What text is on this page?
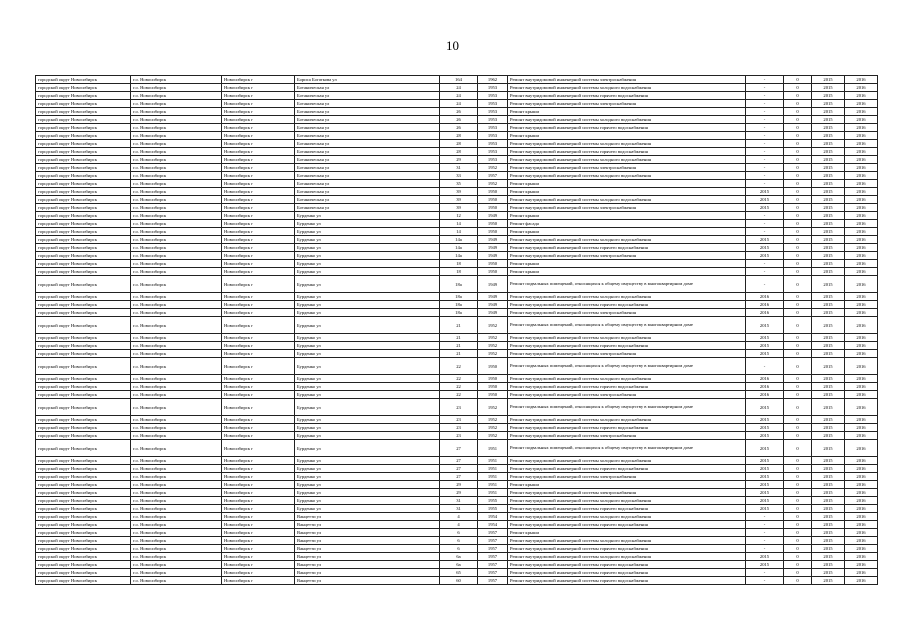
10
городской округ Новосибирск	г.о. Новосибирск	Новосибирск г	Бориса Богаткова ул	164	1962	Ремонт внутридомовой инженерной системы электроснабжения	-	0	2015	2016
городской округ Новосибирск	г.о. Новосибирск	Новосибирск г	Ботаническая ул	24	1953	Ремонт внутридомовой инженерной системы холодного водоснабжения	-	0	2015	2016
городской округ Новосибирск	г.о. Новосибирск	Новосибирск г	Ботаническая ул	24	1953	Ремонт внутридомовой инженерной системы горячего водоснабжения	-	0	2015	2016
городской округ Новосибирск	г.о. Новосибирск	Новосибирск г	Ботаническая ул	24	1953	Ремонт внутридомовой инженерной системы электроснабжения	-	0	2015	2016
городской округ Новосибирск	г.о. Новосибирск	Новосибирск г	Ботаническая ул	26	1953	Ремонт крыши	-	0	2015	2016
городской округ Новосибирск	г.о. Новосибирск	Новосибирск г	Ботаническая ул	26	1953	Ремонт внутридомовой инженерной системы холодного водоснабжения	-	0	2015	2016
городской округ Новосибирск	г.о. Новосибирск	Новосибирск г	Ботаническая ул	26	1953	Ремонт внутридомовой инженерной системы горячего водоснабжения	-	0	2015	2016
городской округ Новосибирск	г.о. Новосибирск	Новосибирск г	Ботаническая ул	28	1953	Ремонт крыши	-	0	2015	2016
городской округ Новосибирск	г.о. Новосибирск	Новосибирск г	Ботаническая ул	28	1953	Ремонт внутридомовой инженерной системы холодного водоснабжения	-	0	2015	2016
городской округ Новосибирск	г.о. Новосибирск	Новосибирск г	Ботаническая ул	28	1953	Ремонт внутридомовой инженерной системы горячего водоснабжения	-	0	2015	2016
городской округ Новосибирск	г.о. Новосибирск	Новосибирск г	Ботаническая ул	29	1953	Ремонт внутридомовой инженерной системы холодного водоснабжения	-	0	2015	2016
городской округ Новосибирск	г.о. Новосибирск	Новосибирск г	Ботаническая ул	31	1952	Ремонт внутридомовой инженерной системы электроснабжения	-	0	2015	2016
городской округ Новосибирск	г.о. Новосибирск	Новосибирск г	Ботаническая ул	33	1957	Ремонт внутридомовой инженерной системы холодного водоснабжения	-	0	2015	2016
городской округ Новосибирск	г.о. Новосибирск	Новосибирск г	Ботаническая ул	35	1952	Ремонт крыши	-	0	2015	2016
городской округ Новосибирск	г.о. Новосибирск	Новосибирск г	Ботаническая ул	39	1950	Ремонт крыши	2015	0	2015	2016
городской округ Новосибирск	г.о. Новосибирск	Новосибирск г	Ботаническая ул	39	1950	Ремонт внутридомовой инженерной системы холодного водоснабжения	2015	0	2015	2016
городской округ Новосибирск	г.о. Новосибирск	Новосибирск г	Ботаническая ул	39	1950	Ремонт внутридомовой инженерной системы электроснабжения	2015	0	2015	2016
городской округ Новосибирск	г.о. Новосибирск	Новосибирск г	Бурденко ул	12	1949	Ремонт крыши	-	0	2015	2016
городской округ Новосибирск	г.о. Новосибирск	Новосибирск г	Бурденко ул	14	1950	Ремонт фасада	-	0	2015	2016
городской округ Новосибирск	г.о. Новосибирск	Новосибирск г	Бурденко ул	14	1950	Ремонт крыши	-	0	2015	2016
городской округ Новосибирск	г.о. Новосибирск	Новосибирск г	Бурденко ул	14а	1949	Ремонт внутридомовой инженерной системы холодного водоснабжения	2015	0	2015	2016
городской округ Новосибирск	г.о. Новосибирск	Новосибирск г	Бурденко ул	14а	1949	Ремонт внутридомовой инженерной системы горячего водоснабжения	2015	0	2015	2016
городской округ Новосибирск	г.о. Новосибирск	Новосибирск г	Бурденко ул	14а	1949	Ремонт внутридомовой инженерной системы электроснабжения	2015	0	2015	2016
городской округ Новосибирск	г.о. Новосибирск	Новосибирск г	Бурденко ул	18	1950	Ремонт крыши	-	0	2015	2016
городской округ Новосибирск	г.о. Новосибирск	Новосибирск г	Бурденко ул	18	1950	Ремонт крыши	-	0	2015	2016
городской округ Новосибирск	г.о. Новосибирск	Новосибирск г	Бурденко ул	18а	1949	Ремонт подвальных помещений, относящихся к общему имуществу в многоквартирном доме	-	0	2015	2016
городской округ Новосибирск	г.о. Новосибирск	Новосибирск г	Бурденко ул	18а	1949	Ремонт внутридомовой инженерной системы холодного водоснабжения	2016	0	2015	2016
городской округ Новосибирск	г.о. Новосибирск	Новосибирск г	Бурденко ул	18а	1949	Ремонт внутридомовой инженерной системы горячего водоснабжения	2016	0	2015	2016
городской округ Новосибирск	г.о. Новосибирск	Новосибирск г	Бурденко ул	18а	1949	Ремонт внутридомовой инженерной системы электроснабжения	2016	0	2015	2016
городской округ Новосибирск	г.о. Новосибирск	Новосибирск г	Бурденко ул	21	1952	Ремонт подвальных помещений, относящихся к общему имуществу в многоквартирном доме	2015	0	2015	2016
городской округ Новосибирск	г.о. Новосибирск	Новосибирск г	Бурденко ул	21	1952	Ремонт внутридомовой инженерной системы холодного водоснабжения	2015	0	2015	2016
городской округ Новосибирск	г.о. Новосибирск	Новосибирск г	Бурденко ул	21	1952	Ремонт внутридомовой инженерной системы горячего водоснабжения	2015	0	2015	2016
городской округ Новосибирск	г.о. Новосибирск	Новосибирск г	Бурденко ул	21	1952	Ремонт внутридомовой инженерной системы электроснабжения	2015	0	2015	2016
городской округ Новосибирск	г.о. Новосибирск	Новосибирск г	Бурденко ул	22	1950	Ремонт подвальных помещений, относящихся к общему имуществу в многоквартирном доме	-	0	2015	2016
городской округ Новосибирск	г.о. Новосибирск	Новосибирск г	Бурденко ул	22	1950	Ремонт внутридомовой инженерной системы холодного водоснабжения	2016	0	2015	2016
городской округ Новосибирск	г.о. Новосибирск	Новосибирск г	Бурденко ул	22	1950	Ремонт внутридомовой инженерной системы горячего водоснабжения	2016	0	2015	2016
городской округ Новосибирск	г.о. Новосибирск	Новосибирск г	Бурденко ул	22	1950	Ремонт внутридомовой инженерной системы электроснабжения	2016	0	2015	2016
городской округ Новосибирск	г.о. Новосибирск	Новосибирск г	Бурденко ул	23	1952	Ремонт подвальных помещений, относящихся к общему имуществу в многоквартирном доме	2015	0	2015	2016
городской округ Новосибирск	г.о. Новосибирск	Новосибирск г	Бурденко ул	23	1952	Ремонт внутридомовой инженерной системы холодного водоснабжения	2015	0	2015	2016
городской округ Новосибирск	г.о. Новосибирск	Новосибирск г	Бурденко ул	23	1952	Ремонт внутридомовой инженерной системы горячего водоснабжения	2015	0	2015	2016
городской округ Новосибирск	г.о. Новосибирск	Новосибирск г	Бурденко ул	23	1952	Ремонт внутридомовой инженерной системы электроснабжения	2015	0	2015	2016
городской округ Новосибирск	г.о. Новосибирск	Новосибирск г	Бурденко ул	27	1951	Ремонт подвальных помещений, относящихся к общему имуществу в многоквартирном доме	2015	0	2015	2016
городской округ Новосибирск	г.о. Новосибирск	Новосибирск г	Бурденко ул	27	1951	Ремонт внутридомовой инженерной системы холодного водоснабжения	2015	0	2015	2016
городской округ Новосибирск	г.о. Новосибирск	Новосибирск г	Бурденко ул	27	1951	Ремонт внутридомовой инженерной системы горячего водоснабжения	2015	0	2015	2016
городской округ Новосибирск	г.о. Новосибирск	Новосибирск г	Бурденко ул	27	1951	Ремонт внутридомовой инженерной системы электроснабжения	2015	0	2015	2016
городской округ Новосибирск	г.о. Новосибирск	Новосибирск г	Бурденко ул	29	1951	Ремонт крыши	2015	0	2015	2016
городской округ Новосибирск	г.о. Новосибирск	Новосибирск г	Бурденко ул	29	1951	Ремонт внутридомовой инженерной системы электроснабжения	2015	0	2015	2016
городской округ Новосибирск	г.о. Новосибирск	Новосибирск г	Бурденко ул	31	1955	Ремонт внутридомовой инженерной системы холодного водоснабжения	2015	0	2015	2016
городской округ Новосибирск	г.о. Новосибирск	Новосибирск г	Бурденко ул	31	1955	Ремонт внутридомовой инженерной системы горячего водоснабжения	2015	0	2015	2016
городской округ Новосибирск	г.о. Новосибирск	Новосибирск г	Ванцетти ул	4	1954	Ремонт внутридомовой инженерной системы холодного водоснабжения	-	0	2015	2016
городской округ Новосибирск	г.о. Новосибирск	Новосибирск г	Ванцетти ул	4	1954	Ремонт внутридомовой инженерной системы горячего водоснабжения	-	0	2015	2016
городской округ Новосибирск	г.о. Новосибирск	Новосибирск г	Ванцетти ул	6	1957	Ремонт крыши	-	0	2015	2016
городской округ Новосибирск	г.о. Новосибирск	Новосибирск г	Ванцетти ул	6	1957	Ремонт внутридомовой инженерной системы холодного водоснабжения	-	0	2015	2016
городской округ Новосибирск	г.о. Новосибирск	Новосибирск г	Ванцетти ул	6	1957	Ремонт внутридомовой инженерной системы горячего водоснабжения	-	0	2015	2016
городской округ Новосибирск	г.о. Новосибирск	Новосибирск г	Ванцетти ул	6а	1957	Ремонт внутридомовой инженерной системы холодного водоснабжения	2015	0	2015	2016
городской округ Новосибирск	г.о. Новосибирск	Новосибирск г	Ванцетти ул	6а	1957	Ремонт внутридомовой инженерной системы горячего водоснабжения	2015	0	2015	2016
городской округ Новосибирск	г.о. Новосибирск	Новосибирск г	Ванцетти ул	65	1957	Ремонт внутридомовой инженерной системы горячего водоснабжения	-	0	2015	2016
городской округ Новосибирск	г.о. Новосибирск	Новосибирск г	Ванцетти ул	60	1957	Ремонт внутридомовой инженерной системы горячего водоснабжения	-	0	2015	2016
